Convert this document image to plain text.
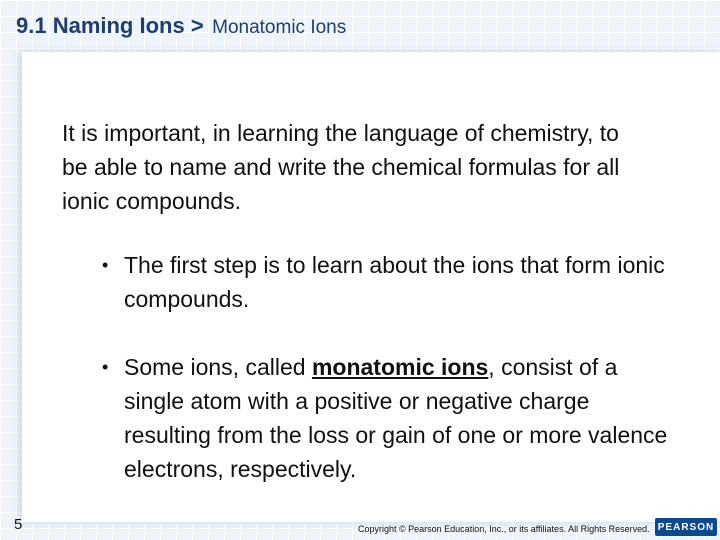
9.1 Naming Ions > Monatomic Ions
It is important, in learning the language of chemistry, to be able to name and write the chemical formulas for all ionic compounds.
• The first step is to learn about the ions that form ionic compounds.
• Some ions, called monatomic ions, consist of a single atom with a positive or negative charge resulting from the loss or gain of one or more valence electrons, respectively.
5	Copyright © Pearson Education, Inc., or its affiliates. All Rights Reserved. PEARSON
